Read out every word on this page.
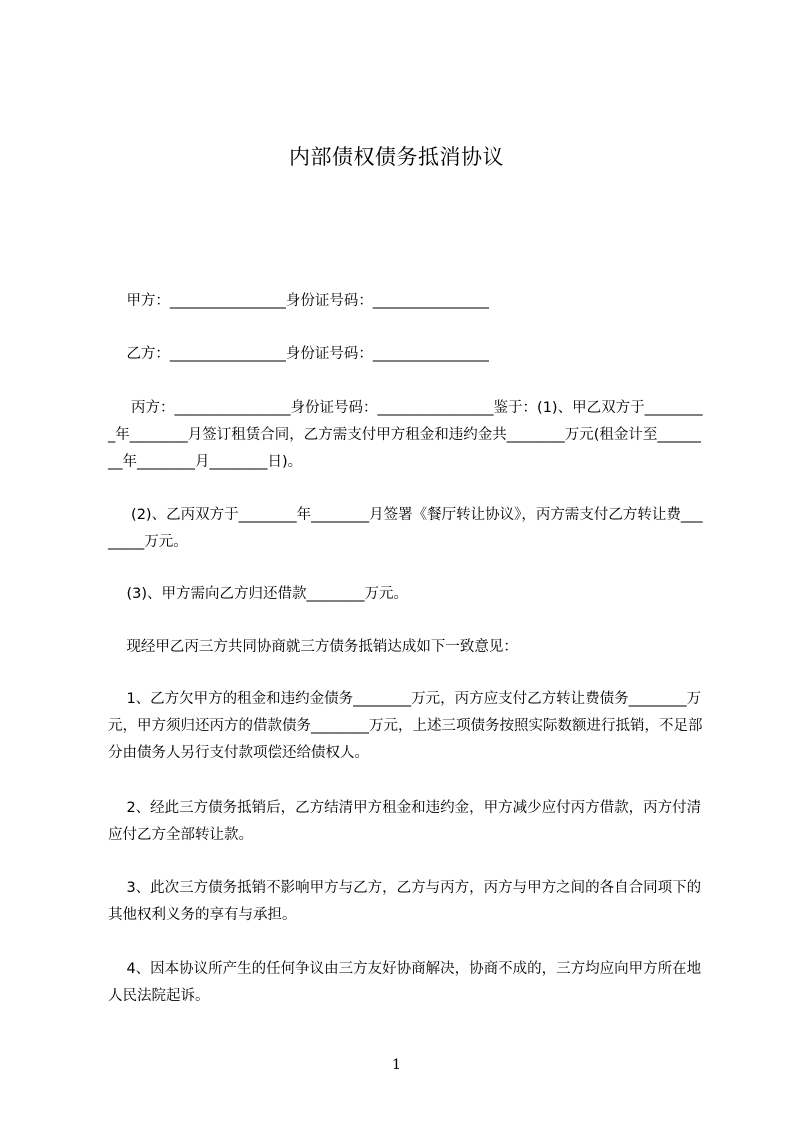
内部债权债务抵消协议

甲方：________________身份证号码：________________

乙方：________________身份证号码：________________

丙方：________________身份证号码：________________鉴于：(1)、甲乙双方于_________年________月签订租赁合同，乙方需支付甲方租金和违约金共________万元(租金计至________年________月________日)。

(2)、乙丙双方于________年________月签署《餐厅转让协议》，丙方需支付乙方转让费________万元。

(3)、甲方需向乙方归还借款________万元。

现经甲乙丙三方共同协商就三方债务抵销达成如下一致意见：

1、乙方欠甲方的租金和违约金债务________万元，丙方应支付乙方转让费债务________万元，甲方须归还丙方的借款债务________万元，上述三项债务按照实际数额进行抵销，不足部分由债务人另行支付款项偿还给债权人。

2、经此三方债务抵销后，乙方结清甲方租金和违约金，甲方减少应付丙方借款，丙方付清应付乙方全部转让款。

3、此次三方债务抵销不影响甲方与乙方，乙方与丙方，丙方与甲方之间的各自合同项下的其他权利义务的享有与承担。

4、因本协议所产生的任何争议由三方友好协商解决，协商不成的，三方均应向甲方所在地人民法院起诉。

1
